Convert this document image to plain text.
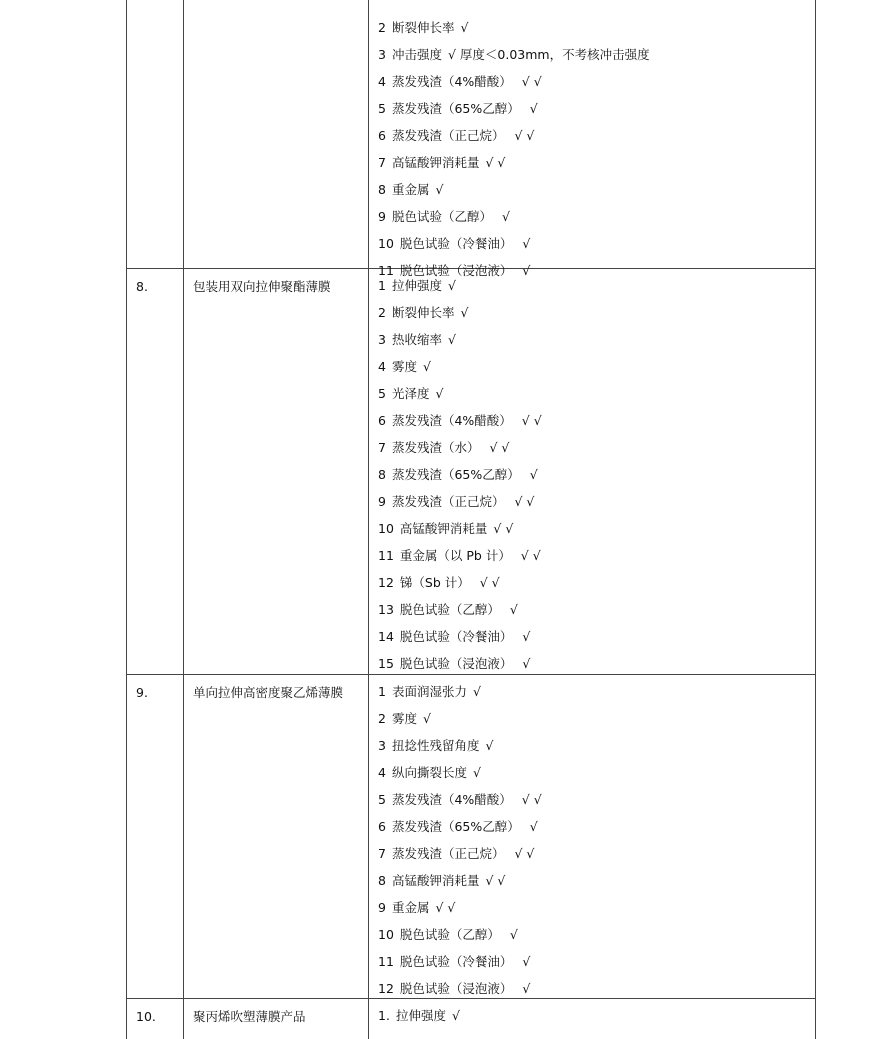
2 断裂伸长率 √
3 冲击强度 √ 厚度＜0.03mm，不考核冲击强度
4 蒸发残渣（4%醋酸） √ √
5 蒸发残渣（65%乙醇） √
6 蒸发残渣（正己烷） √ √
7 高锰酸钾消耗量 √ √
8 重金属 √
9 脱色试验（乙醇） √
10 脱色试验（冷餐油） √
11 脱色试验（浸泡液） √
8.	包装用双向拉伸聚酯薄膜	1 拉伸强度 √
2 断裂伸长率 √
3 热收缩率 √
4 雾度 √
5 光泽度 √
6 蒸发残渣（4%醋酸） √ √
7 蒸发残渣（水） √ √
8 蒸发残渣（65%乙醇） √
9 蒸发残渣（正己烷） √ √
10 高锰酸钾消耗量 √ √
11 重金属（以 Pb 计） √ √
12 锑（Sb 计） √ √
13 脱色试验（乙醇） √
14 脱色试验（冷餐油） √
15 脱色试验（浸泡液） √
9.	单向拉伸高密度聚乙烯薄膜	1 表面润湿张力 √
2 雾度 √
3 扭捻性残留角度 √
4 纵向撕裂长度 √
5 蒸发残渣（4%醋酸） √ √
6 蒸发残渣（65%乙醇） √
7 蒸发残渣（正己烷） √ √
8 高锰酸钾消耗量 √ √
9 重金属 √ √
10 脱色试验（乙醇） √
11 脱色试验（冷餐油） √
12 脱色试验（浸泡液） √
10.	聚丙烯吹塑薄膜产品	1. 拉伸强度 √
